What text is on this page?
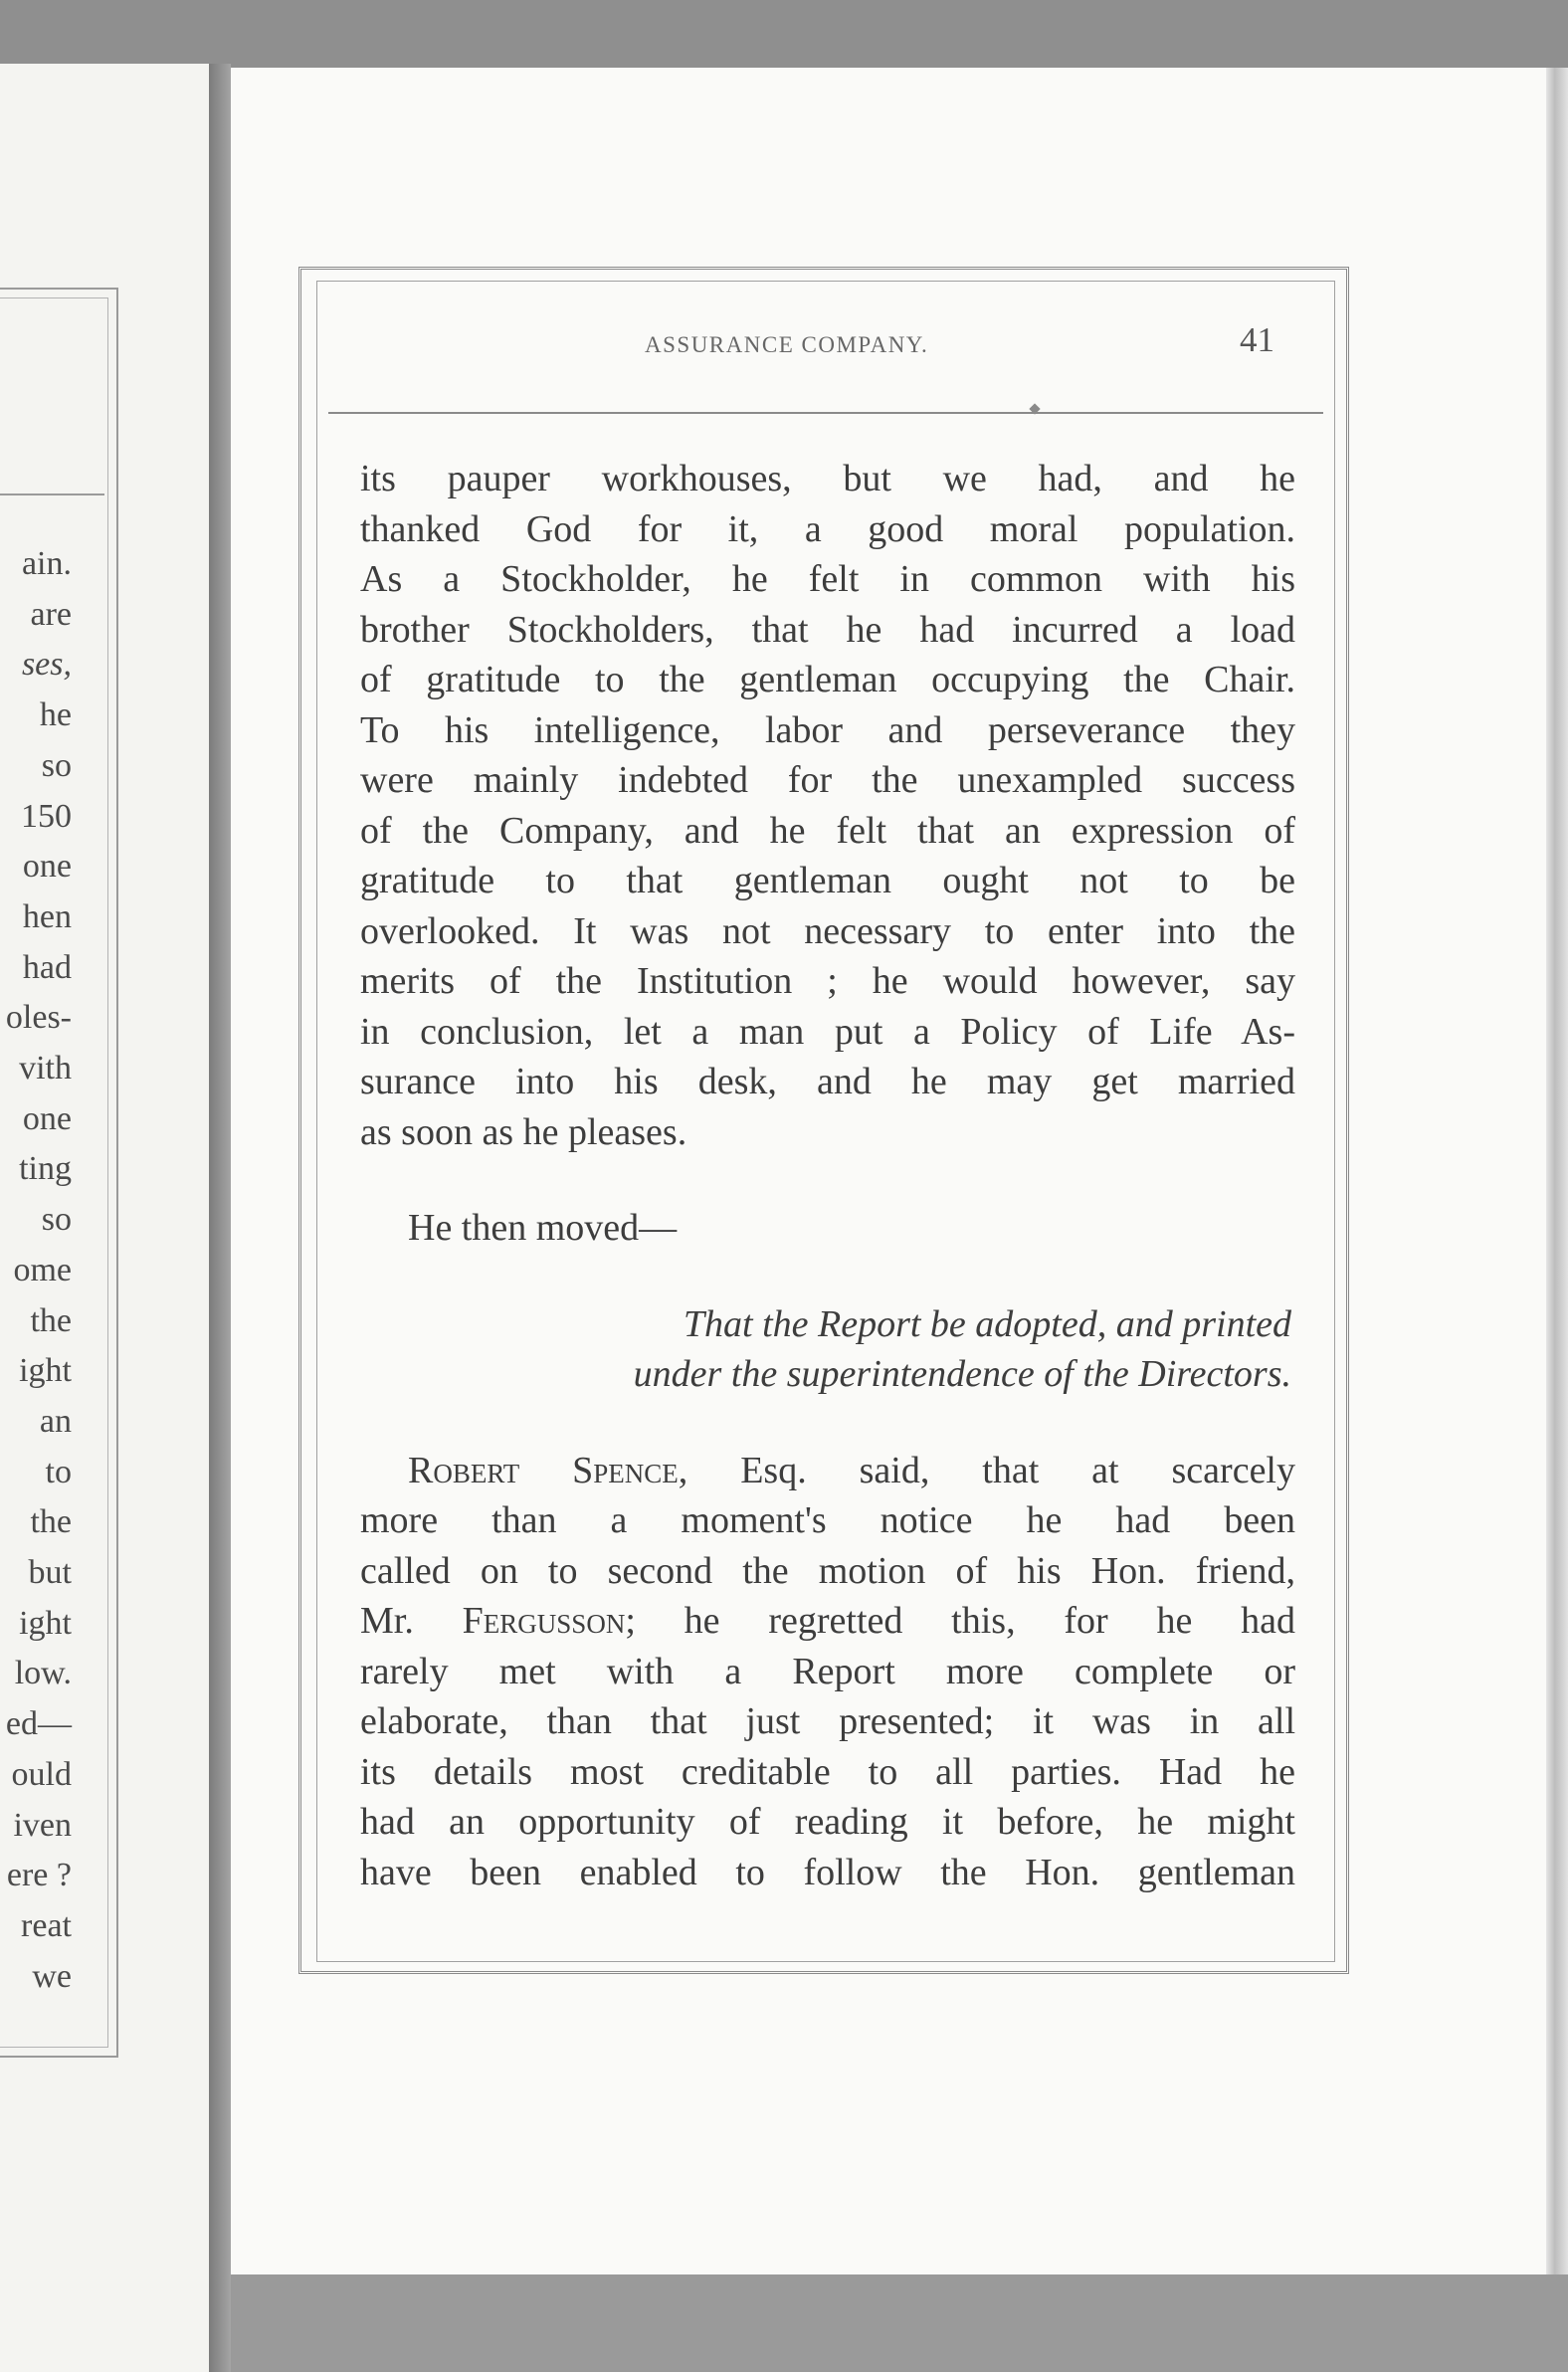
ain.
are
ses,
he
so
150
one
hen
had
oles-
vith
one
ting
so
ome
the
ight
an
to
the
but
ight
low.
ed—
ould
iven
ere ?
reat
we
ASSURANCE COMPANY.	41
its pauper workhouses, but we had, and he
thanked God for it, a good moral population.
As a Stockholder, he felt in common with his
brother Stockholders, that he had incurred a load
of gratitude to the gentleman occupying the Chair.
To his intelligence, labor and perseverance they
were mainly indebted for the unexampled success
of the Company, and he felt that an expression of
gratitude to that gentleman ought not to be
overlooked. It was not necessary to enter into the
merits of the Institution ; he would however, say
in conclusion, let a man put a Policy of Life As-
surance into his desk, and he may get married
as soon as he pleases.
He then moved—
That the Report be adopted, and printed
under the superintendence of the Directors.
Robert Spence, Esq. said, that at scarcely
more than a moment's notice he had been
called on to second the motion of his Hon. friend,
Mr. Fergusson; he regretted this, for he had
rarely met with a Report more complete or
elaborate, than that just presented; it was in all
its details most creditable to all parties. Had he
had an opportunity of reading it before, he might
have been enabled to follow the Hon. gentleman
